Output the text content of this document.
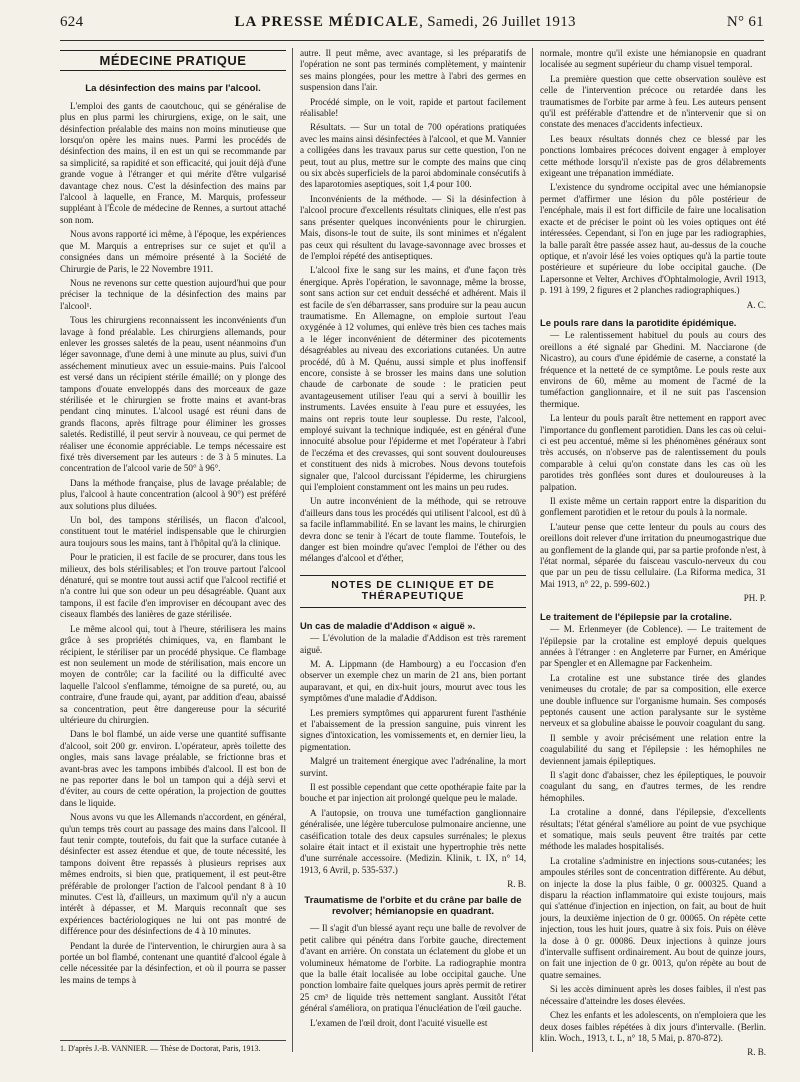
624	LA PRESSE MÉDICALE, Samedi, 26 Juillet 1913	N° 61
MÉDECINE PRATIQUE
La désinfection des mains par l'alcool.

L'emploi des gants de caoutchouc, qui se généralise de plus en plus parmi les chirurgiens, exige, on le sait, une désinfection préalable des mains non moins minutieuse que lorsqu'on opère les mains nues. Parmi les procédés de désinfection des mains, il en est un qui se recommande par sa simplicité, sa rapidité et son efficacité, qui jouit déjà d'une grande vogue à l'étranger et qui mérite d'être vulgarisé davantage chez nous. C'est la désinfection des mains par l'alcool à laquelle, en France, M. Marquis, professeur suppléant à l'École de médecine de Rennes, a surtout attaché son nom.

Nous avons rapporté ici même, à l'époque, les expériences que M. Marquis a entreprises sur ce sujet et qu'il a consignées dans un mémoire présenté à la Société de Chirurgie de Paris, le 22 Novembre 1911.

Nous ne revenons sur cette question aujourd'hui que pour préciser la technique de la désinfection des mains par l'alcool¹.

Tous les chirurgiens reconnaissent les inconvénients d'un lavage à fond préalable. Les chirurgiens allemands, pour enlever les grosses saletés de la peau, usent néanmoins d'un léger savonnage, d'une demi à une minute au plus, suivi d'un asséchement minutieux avec un essuie-mains. Puis l'alcool est versé dans un récipient stérile émaillé; on y plonge des tampons d'ouate enveloppés dans des morceaux de gaze stérilisée et le chirurgien se frotte mains et avant-bras pendant cinq minutes. L'alcool usagé est réuni dans de grands flacons, après filtrage pour éliminer les grosses saletés. Redistillé, il peut servir à nouveau, ce qui permet de réaliser une économie appréciable. Le temps nécessaire est fixé très diversement par les auteurs : de 3 à 5 minutes. La concentration de l'alcool varie de 50° à 96°.

Dans la méthode française, plus de lavage préalable; de plus, l'alcool à haute concentration (alcool à 90°) est préféré aux solutions plus diluées.

Un bol, des tampons stérilisés, un flacon d'alcool, constituent tout le matériel indispensable que le chirurgien aura toujours sous les mains, tant à l'hôpital qu'à la clinique.

Pour le praticien, il est facile de se procurer, dans tous les milieux, des bols stérilisables; et l'on trouve partout l'alcool dénaturé, qui se montre tout aussi actif que l'alcool rectifié et n'a contre lui que son odeur un peu désagréable. Quant aux tampons, il est facile d'en improviser en découpant avec des ciseaux flambés des lanières de gaze stérilisée.

Le même alcool qui, tout à l'heure, stérilisera les mains grâce à ses propriétés chimiques, va, en flambant le récipient, le stériliser par un procédé physique. Ce flambage est non seulement un mode de stérilisation, mais encore un moyen de contrôle; car la facilité ou la difficulté avec laquelle l'alcool s'enflamme, témoigne de sa pureté, ou, au contraire, d'une fraude qui, ayant, par addition d'eau, abaissé sa concentration, peut être dangereuse pour la sécurité ultérieure du chirurgien.

Dans le bol flambé, un aide verse une quantité suffisante d'alcool, soit 200 gr. environ. L'opérateur, après toilette des ongles, mais sans lavage préalable, se frictionne bras et avant-bras avec les tampons imbibés d'alcool. Il est bon de ne pas reporter dans le bol un tampon qui a déjà servi et d'éviter, au cours de cette opération, la projection de gouttes dans le liquide.

Nous avons vu que les Allemands n'accordent, en général, qu'un temps très court au passage des mains dans l'alcool. Il faut tenir compte, toutefois, du fait que la surface cutanée à désinfecter est assez étendue et que, de toute nécessité, les tampons doivent être repassés à plusieurs reprises aux mêmes endroits, si bien que, pratiquement, il est peut-être préférable de prolonger l'action de l'alcool pendant 8 à 10 minutes. C'est là, d'ailleurs, un maximum qu'il n'y a aucun intérêt à dépasser, et M. Marquis reconnaît que ses expériences bactériologiques ne lui ont pas montré de différence pour des désinfections de 4 à 10 minutes.

Pendant la durée de l'intervention, le chirurgien aura à sa portée un bol flambé, contenant une quantité d'alcool égale à celle nécessitée par la désinfection, et où il pourra se passer les mains de temps à

1. D'après J.-B. VANNIER. — Thèse de Doctorat, Paris, 1913.

autre. Il peut même, avec avantage, si les préparatifs de l'opération ne sont pas terminés complètement, y maintenir ses mains plongées, pour les mettre à l'abri des germes en suspension dans l'air.

Procédé simple, on le voit, rapide et partout facilement réalisable!

Résultats. — Sur un total de 700 opérations pratiquées avec les mains ainsi désinfectées à l'alcool, et que M. Vannier a colligées dans les travaux parus sur cette question, l'on ne peut, tout au plus, mettre sur le compte des mains que cinq ou six abcès superficiels de la paroi abdominale consécutifs à des laparotomies aseptiques, soit 1,4 pour 100.

Inconvénients de la méthode. — Si la désinfection à l'alcool procure d'excellents résultats cliniques, elle n'est pas sans présenter quelques inconvénients pour le chirurgien. Mais, disons-le tout de suite, ils sont minimes et n'égalent pas ceux qui résultent du lavage-savonnage avec brosses et de l'emploi répété des antiseptiques.

L'alcool fixe le sang sur les mains, et d'une façon très énergique. Après l'opération, le savonnage, même la brosse, sont sans action sur cet enduit desséché et adhérent. Mais il est facile de s'en débarrasser, sans produire sur la peau aucun traumatisme. En Allemagne, on emploie surtout l'eau oxygénée à 12 volumes, qui enlève très bien ces taches mais a le léger inconvénient de déterminer des picotements désagréables au niveau des excoriations cutanées. Un autre procédé, dû à M. Quénu, aussi simple et plus inoffensif encore, consiste à se brosser les mains dans une solution chaude de carbonate de soude : le praticien peut avantageusement utiliser l'eau qui a servi à bouillir les instruments. Lavées ensuite à l'eau pure et essuyées, les mains ont repris toute leur souplesse. Du reste, l'alcool, employé suivant la technique indiquée, est en général d'une innocuité absolue pour l'épiderme et met l'opérateur à l'abri de l'eczéma et des crevasses, qui sont souvent douloureuses et constituent des nids à microbes. Nous devons toutefois signaler que, l'alcool durcissant l'épiderme, les chirurgiens qui l'emploient constamment ont les mains un peu rudes.

Un autre inconvénient de la méthode, qui se retrouve d'ailleurs dans tous les procédés qui utilisent l'alcool, est dû à sa facile inflammabilité. En se lavant les mains, le chirurgien devra donc se tenir à l'écart de toute flamme. Toutefois, le danger est bien moindre qu'avec l'emploi de l'éther ou des mélanges d'alcool et d'éther,

NOTES DE CLINIQUE ET DE THÉRAPEUTIQUE
Un cas de maladie d'Addison « aiguë ».

— L'évolution de la maladie d'Addison est très rarement aiguë.

M. A. Lippmann (de Hambourg) a eu l'occasion d'en observer un exemple chez un marin de 21 ans, bien portant auparavant, et qui, en dix-huit jours, mourut avec tous les symptômes d'une maladie d'Addison.

Les premiers symptômes qui apparurent furent l'asthénie et l'abaissement de la pression sanguine, puis vinrent les signes d'intoxication, les vomissements et, en dernier lieu, la pigmentation.

Malgré un traitement énergique avec l'adrénaline, la mort survint.

Il est possible cependant que cette opothérapie faite par la bouche et par injection ait prolongé quelque peu le malade.

A l'autopsie, on trouva une tuméfaction ganglionnaire généralisée, une légère tuberculose pulmonaire ancienne, une caséification totale des deux capsules surrénales; le plexus solaire était intact et il existait une hypertrophie très nette d'une surrénale accessoire. (Medizin. Klinik, t. IX, n° 14, 1913, 6 Avril, p. 535-537.)

R. B.
Traumatisme de l'orbite et du crâne par balle de revolver; hémianopsie en quadrant.

— Il s'agit d'un blessé ayant reçu une balle de revolver de petit calibre qui pénétra dans l'orbite gauche, directement d'avant en arrière. On constata un éclatement du globe et un volumineux hématome de l'orbite. La radiographie montra que la balle était localisée au lobe occipital gauche. Une ponction lombaire faite quelques jours après permit de retirer 25 cm³ de liquide très nettement sanglant. Aussitôt l'état général s'améliora, on pratiqua l'énucléation de l'œil gauche.

L'examen de l'œil droit, dont l'acuité visuelle est

normale, montre qu'il existe une hémianopsie en quadrant localisée au segment supérieur du champ visuel temporal.

La première question que cette observation soulève est celle de l'intervention précoce ou retardée dans les traumatismes de l'orbite par arme à feu. Les auteurs pensent qu'il est préférable d'attendre et de n'intervenir que si on constate des menaces d'accidents infectieux.

Les beaux résultats donnés chez ce blessé par les ponctions lombaires précoces doivent engager à employer cette méthode lorsqu'il n'existe pas de gros délabrements exigeant une trépanation immédiate.

L'existence du syndrome occipital avec une hémianopsie permet d'affirmer une lésion du pôle postérieur de l'encéphale, mais il est fort difficile de faire une localisation exacte et de préciser le point où les voies optiques ont été intéressées. Cependant, si l'on en juge par les radiographies, la balle paraît être passée assez haut, au-dessus de la couche optique, et n'avoir lésé les voies optiques qu'à la partie toute postérieure et supérieure du lobe occipital gauche. (De Lapersonne et Velter, Archives d'Ophtalmologie, Avril 1913, p. 191 à 199, 2 figures et 2 planches radiographiques.)

A. C.
Le pouls rare dans la parotidite épidémique.

— Le ralentissement habituel du pouls au cours des oreillons a été signalé par Ghedini. M. Nacciarone (de Nicastro), au cours d'une épidémie de caserne, a constaté la fréquence et la netteté de ce symptôme. Le pouls reste aux environs de 60, même au moment de l'acmé de la tuméfaction ganglionnaire, et il ne suit pas l'ascension thermique.

La lenteur du pouls paraît être nettement en rapport avec l'importance du gonflement parotidien. Dans les cas où celui-ci est peu accentué, même si les phénomènes généraux sont très accusés, on n'observe pas de ralentissement du pouls comparable à celui qu'on constate dans les cas où les parotides très gonflées sont dures et douloureuses à la palpation.

Il existe même un certain rapport entre la disparition du gonflement parotidien et le retour du pouls à la normale.

L'auteur pense que cette lenteur du pouls au cours des oreillons doit relever d'une irritation du pneumogastrique due au gonflement de la glande qui, par sa partie profonde n'est, à l'état normal, séparée du faisceau vasculo-nerveux du cou que par un peu de tissu cellulaire. (La Riforma medica, 31 Mai 1913, n° 22, p. 599-602.)

PH. P.
Le traitement de l'épilepsie par la crotaline.

— M. Erlenmeyer (de Coblence). — Le traitement de l'épilepsie par la crotaline est employé depuis quelques années à l'étranger : en Angleterre par Furner, en Amérique par Spengler et en Allemagne par Fackenheim.

La crotaline est une substance tirée des glandes venimeuses du crotale; de par sa composition, elle exerce une double influence sur l'organisme humain. Ses composés peptonés causent une action paralysante sur le système nerveux et sa globuline abaisse le pouvoir coagulant du sang.

Il semble y avoir précisément une relation entre la coagulabilité du sang et l'épilepsie : les hémophiles ne deviennent jamais épileptiques.

Il s'agit donc d'abaisser, chez les épileptiques, le pouvoir coagulant du sang, en d'autres termes, de les rendre hémophiles.

La crotaline a donné, dans l'épilepsie, d'excellents résultats; l'état général s'améliore au point de vue psychique et somatique, mais seuls peuvent être traités par cette méthode les malades hospitalisés.

La crotaline s'administre en injections sous-cutanées; les ampoules stériles sont de concentration différente. Au début, on injecte la dose la plus faible, 0 gr. 000325. Quand a disparu la réaction inflammatoire qui existe toujours, mais qui s'atténue d'injection en injection, on fait, au bout de huit jours, la deuxième injection de 0 gr. 00065. On répète cette injection, tous les huit jours, quatre à six fois. Puis on élève la dose à 0 gr. 00086. Deux injections à quinze jours d'intervalle suffisent ordinairement. Au bout de quinze jours, on fait une injection de 0 gr. 0013, qu'on répète au bout de quatre semaines.

Si les accès diminuent après les doses faibles, il n'est pas nécessaire d'atteindre les doses élevées.

Chez les enfants et les adolescents, on n'emploiera que les deux doses faibles répétées à dix jours d'intervalle. (Berlin. klin. Woch., 1913, t. L, n° 18, 5 Mai, p. 870-872).

R. B.
